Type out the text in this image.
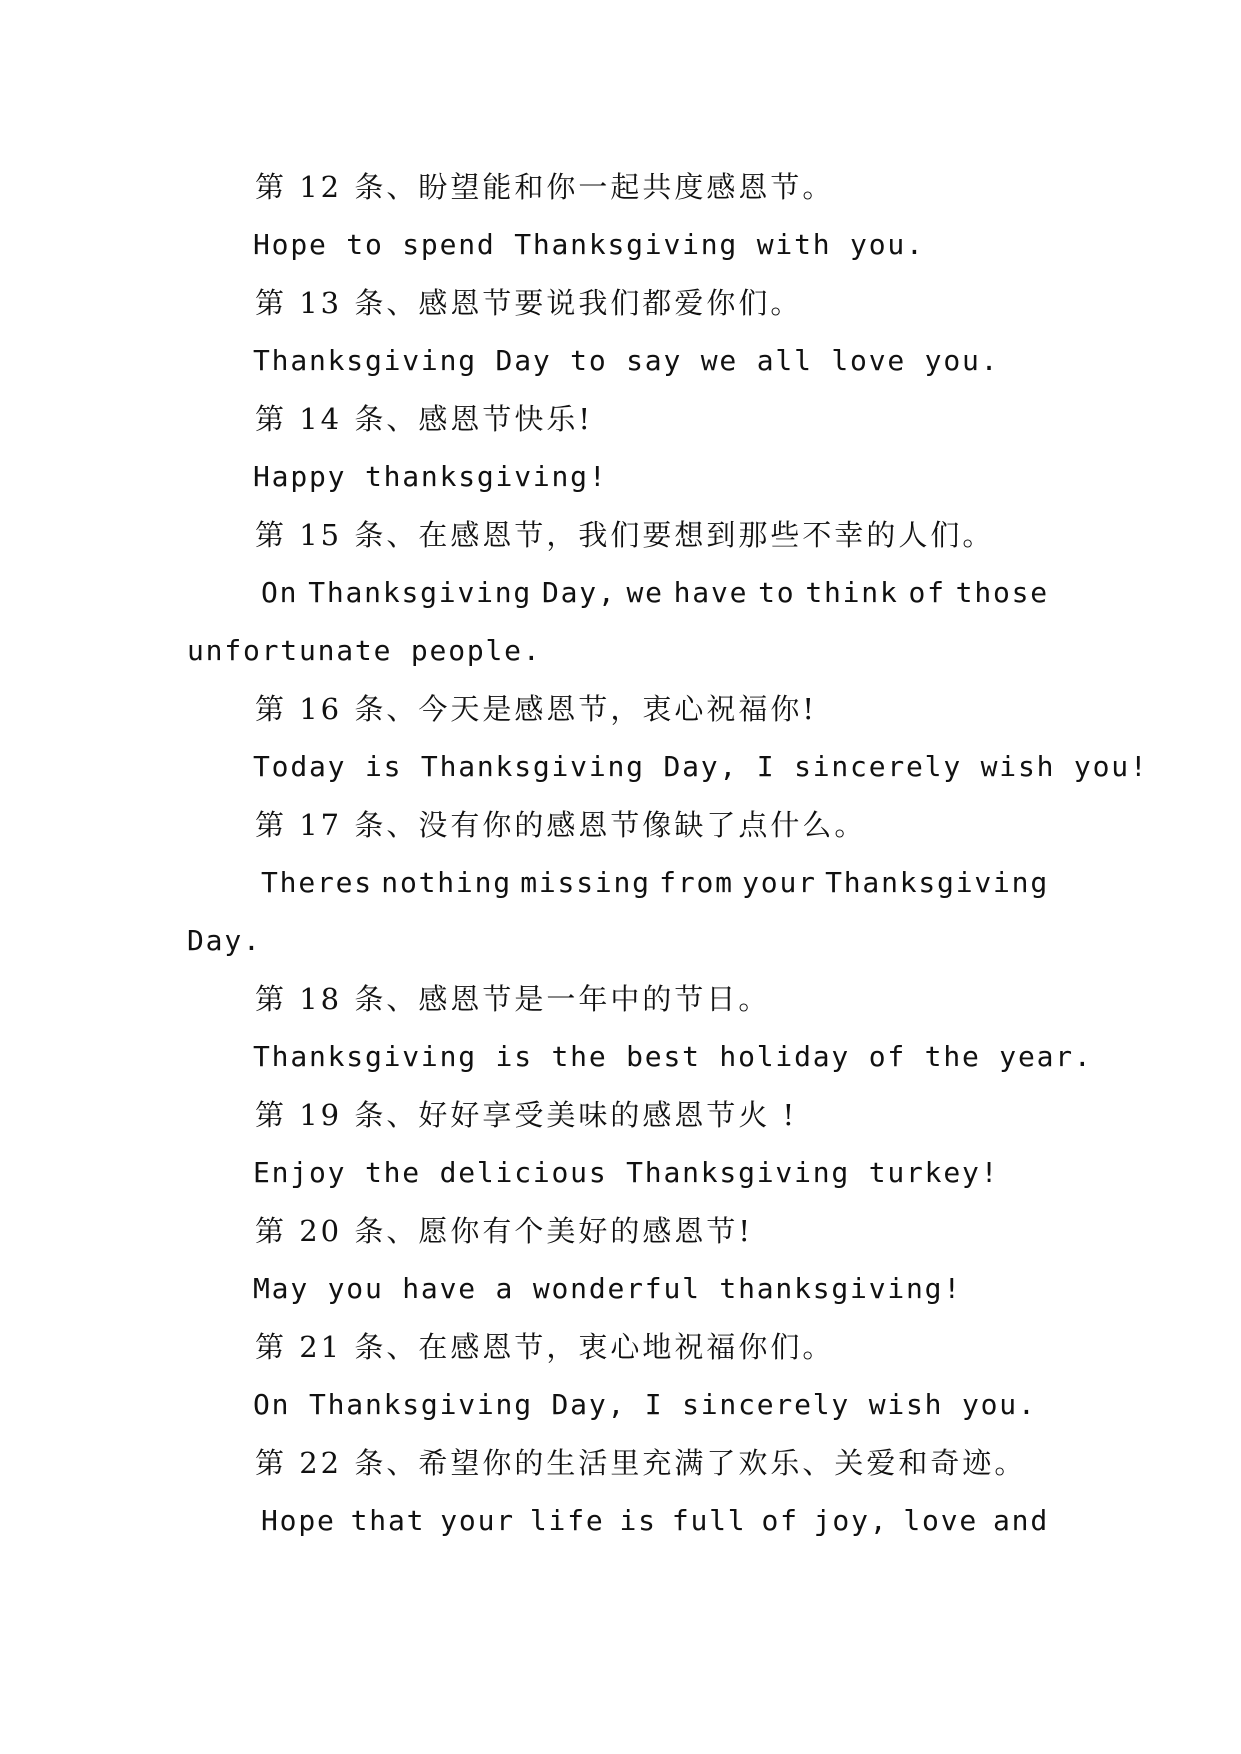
第 12 条、盼望能和你一起共度感恩节。
Hope to spend Thanksgiving with you.
第 13 条、感恩节要说我们都爱你们。
Thanksgiving Day to say we all love you.
第 14 条、感恩节快乐!
Happy thanksgiving!
第 15 条、在感恩节，我们要想到那些不幸的人们。
On Thanksgiving Day, we have to think of those
unfortunate people.
第 16 条、今天是感恩节，衷心祝福你!
Today is Thanksgiving Day, I sincerely wish you!
第 17 条、没有你的感恩节像缺了点什么。
Theres nothing missing from your Thanksgiving
Day.
第 18 条、感恩节是一年中的节日。
Thanksgiving is the best holiday of the year.
第 19 条、好好享受美味的感恩节火 !
Enjoy the delicious Thanksgiving turkey!
第 20 条、愿你有个美好的感恩节!
May you have a wonderful thanksgiving!
第 21 条、在感恩节，衷心地祝福你们。
On Thanksgiving Day, I sincerely wish you.
第 22 条、希望你的生活里充满了欢乐、关爱和奇迹。
Hope that your life is full of joy, love and
